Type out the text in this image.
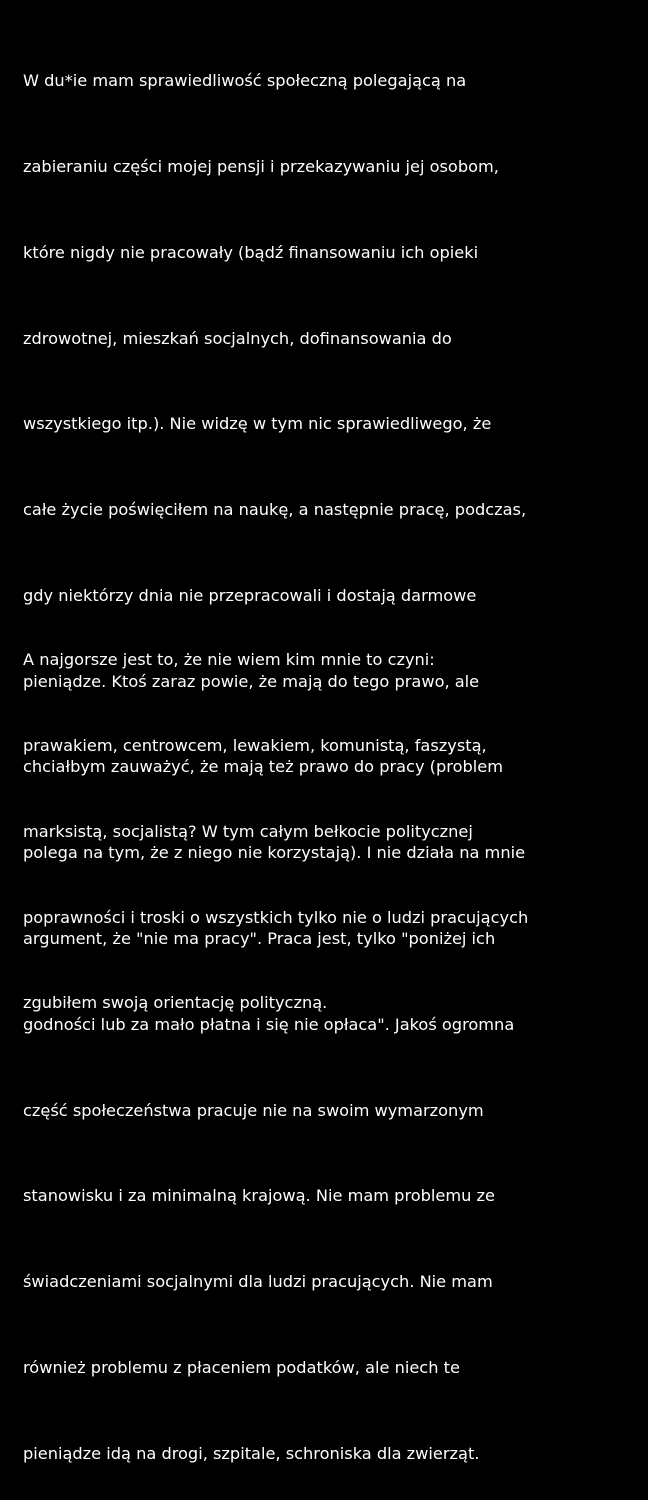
W du*ie mam sprawiedliwość społeczną polegającą na

zabieraniu części mojej pensji i przekazywaniu jej osobom,

które nigdy nie pracowały (bądź finansowaniu ich opieki

zdrowotnej, mieszkań socjalnych, dofinansowania do

wszystkiego itp.). Nie widzę w tym nic sprawiedliwego, że

całe życie poświęciłem na naukę, a następnie pracę, podczas,

gdy niektórzy dnia nie przepracowali i dostają darmowe

pieniądze. Ktoś zaraz powie, że mają do tego prawo, ale

chciałbym zauważyć, że mają też prawo do pracy (problem

polega na tym, że z niego nie korzystają). I nie działa na mnie

argument, że "nie ma pracy". Praca jest, tylko "poniżej ich

godności lub za mało płatna i się nie opłaca". Jakoś ogromna

część społeczeństwa pracuje nie na swoim wymarzonym

stanowisku i za minimalną krajową. Nie mam problemu ze

świadczeniami socjalnymi dla ludzi pracujących. Nie mam

również problemu z płaceniem podatków, ale niech te

pieniądze idą na drogi, szpitale, schroniska dla zwierząt.

A najgorsze jest to, że nie wiem kim mnie to czyni:

prawakiem, centrowcem, lewakiem, komunistą, faszystą,

marksistą, socjalistą? W tym całym bełkocie politycznej

poprawności i troski o wszystkich tylko nie o ludzi pracujących

zgubiłem swoją orientację polityczną.
